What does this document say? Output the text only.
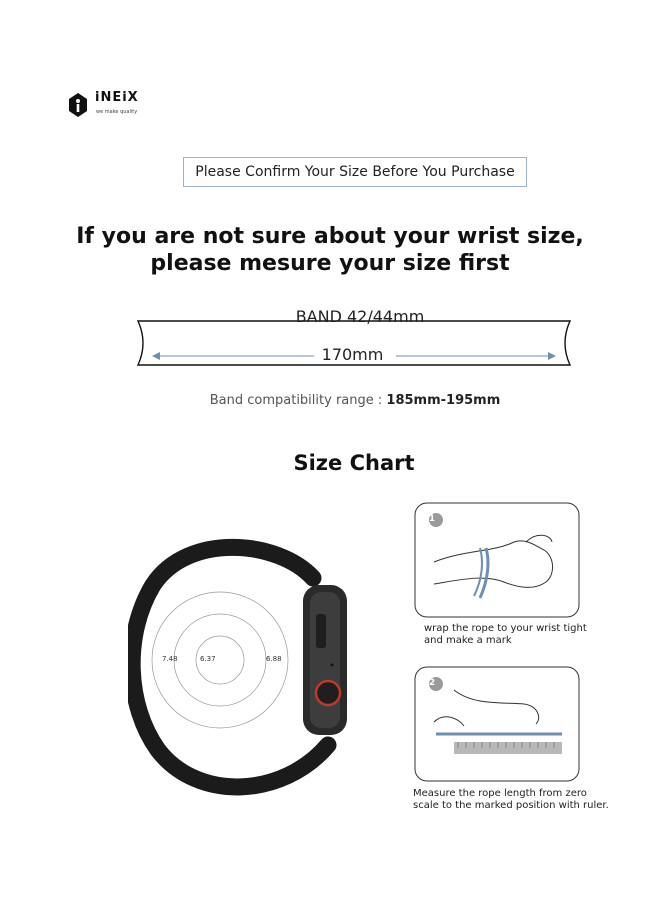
iNEiX
we make quality
Please Confirm Your Size Before You Purchase
If you are not sure about your wrist size,
please mesure your size first
BAND 42/44mm
170mm
Band compatibility range : 185mm-195mm
Size Chart
7.48	6.37	6.88
1
wrap the rope to your wrist tight
and make a mark
2
Measure the rope length from zero
scale to the marked position with ruler.
